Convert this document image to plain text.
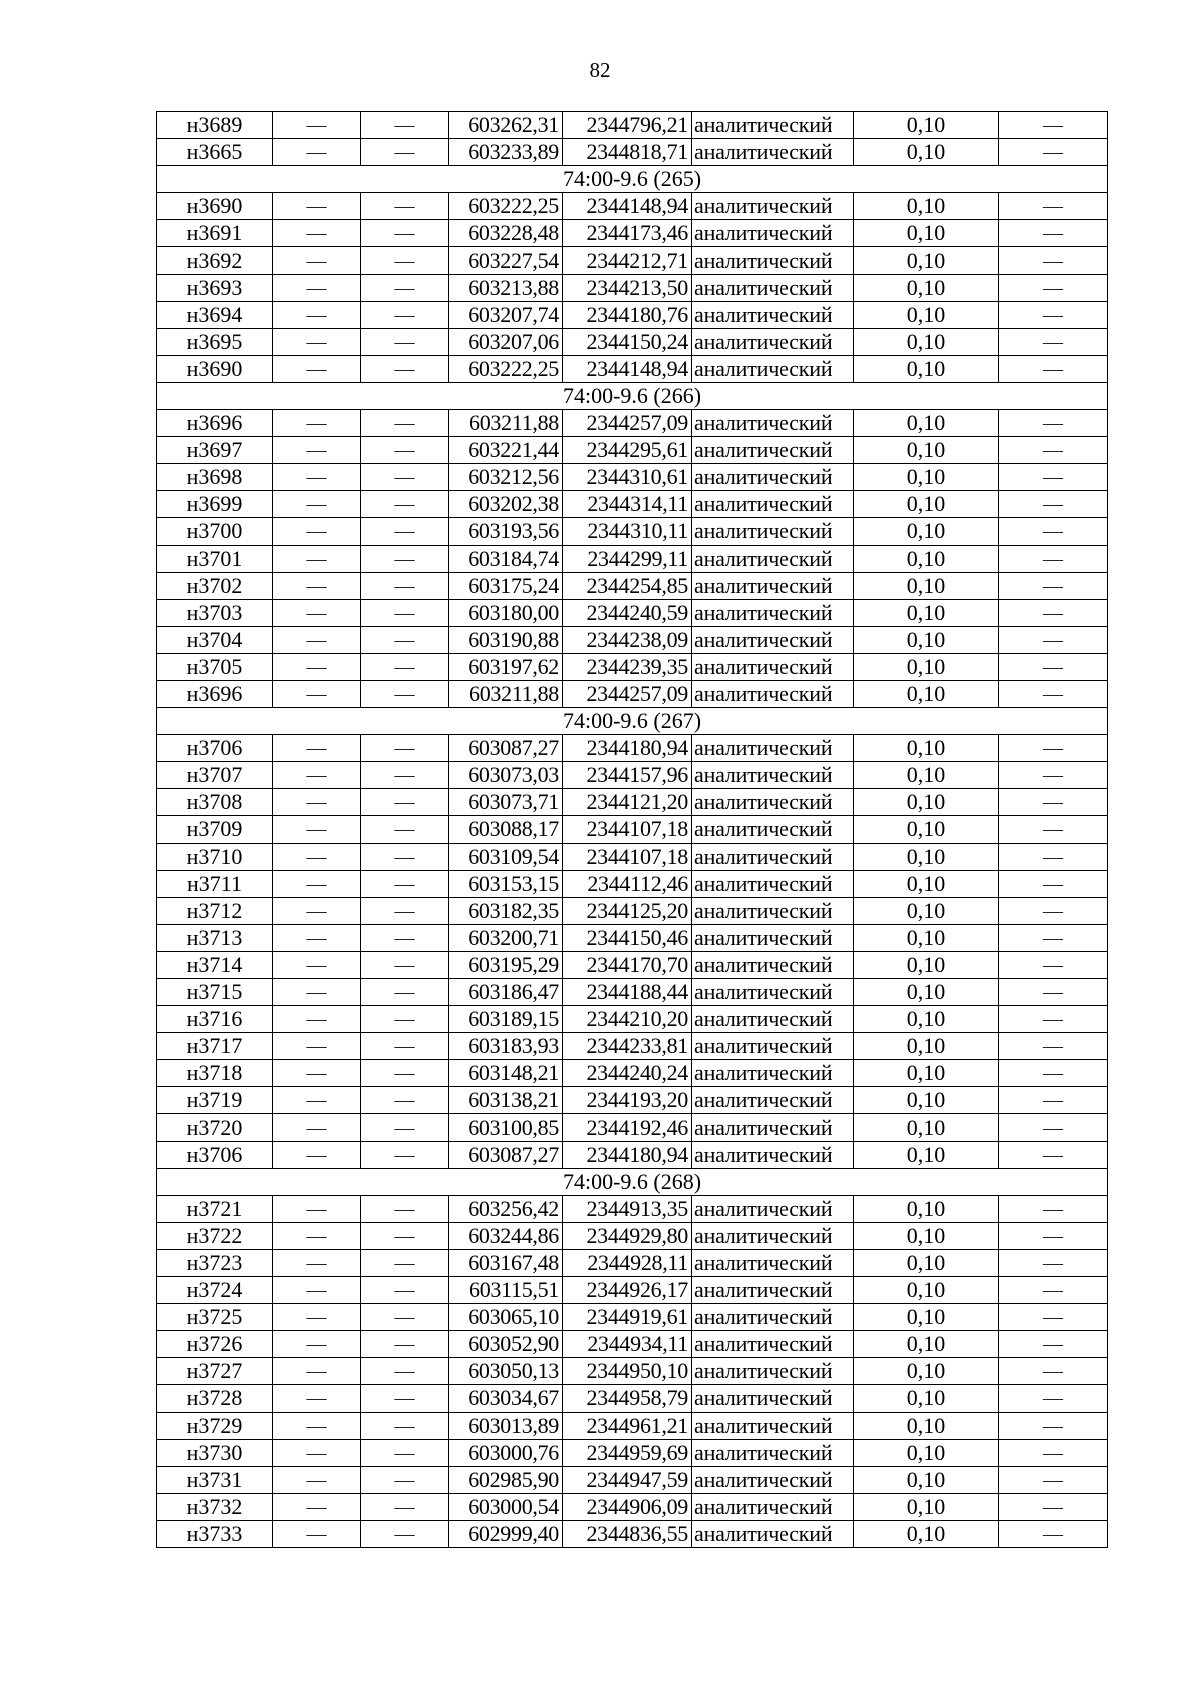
82
н3689	—	—	603262,31	2344796,21	аналитический	0,10	—
н3665	—	—	603233,89	2344818,71	аналитический	0,10	—
74:00-9.6 (265)							
н3690	—	—	603222,25	2344148,94	аналитический	0,10	—
н3691	—	—	603228,48	2344173,46	аналитический	0,10	—
н3692	—	—	603227,54	2344212,71	аналитический	0,10	—
н3693	—	—	603213,88	2344213,50	аналитический	0,10	—
н3694	—	—	603207,74	2344180,76	аналитический	0,10	—
н3695	—	—	603207,06	2344150,24	аналитический	0,10	—
н3690	—	—	603222,25	2344148,94	аналитический	0,10	—
74:00-9.6 (266)							
н3696	—	—	603211,88	2344257,09	аналитический	0,10	—
н3697	—	—	603221,44	2344295,61	аналитический	0,10	—
н3698	—	—	603212,56	2344310,61	аналитический	0,10	—
н3699	—	—	603202,38	2344314,11	аналитический	0,10	—
н3700	—	—	603193,56	2344310,11	аналитический	0,10	—
н3701	—	—	603184,74	2344299,11	аналитический	0,10	—
н3702	—	—	603175,24	2344254,85	аналитический	0,10	—
н3703	—	—	603180,00	2344240,59	аналитический	0,10	—
н3704	—	—	603190,88	2344238,09	аналитический	0,10	—
н3705	—	—	603197,62	2344239,35	аналитический	0,10	—
н3696	—	—	603211,88	2344257,09	аналитический	0,10	—
74:00-9.6 (267)							
н3706	—	—	603087,27	2344180,94	аналитический	0,10	—
н3707	—	—	603073,03	2344157,96	аналитический	0,10	—
н3708	—	—	603073,71	2344121,20	аналитический	0,10	—
н3709	—	—	603088,17	2344107,18	аналитический	0,10	—
н3710	—	—	603109,54	2344107,18	аналитический	0,10	—
н3711	—	—	603153,15	2344112,46	аналитический	0,10	—
н3712	—	—	603182,35	2344125,20	аналитический	0,10	—
н3713	—	—	603200,71	2344150,46	аналитический	0,10	—
н3714	—	—	603195,29	2344170,70	аналитический	0,10	—
н3715	—	—	603186,47	2344188,44	аналитический	0,10	—
н3716	—	—	603189,15	2344210,20	аналитический	0,10	—
н3717	—	—	603183,93	2344233,81	аналитический	0,10	—
н3718	—	—	603148,21	2344240,24	аналитический	0,10	—
н3719	—	—	603138,21	2344193,20	аналитический	0,10	—
н3720	—	—	603100,85	2344192,46	аналитический	0,10	—
н3706	—	—	603087,27	2344180,94	аналитический	0,10	—
74:00-9.6 (268)							
н3721	—	—	603256,42	2344913,35	аналитический	0,10	—
н3722	—	—	603244,86	2344929,80	аналитический	0,10	—
н3723	—	—	603167,48	2344928,11	аналитический	0,10	—
н3724	—	—	603115,51	2344926,17	аналитический	0,10	—
н3725	—	—	603065,10	2344919,61	аналитический	0,10	—
н3726	—	—	603052,90	2344934,11	аналитический	0,10	—
н3727	—	—	603050,13	2344950,10	аналитический	0,10	—
н3728	—	—	603034,67	2344958,79	аналитический	0,10	—
н3729	—	—	603013,89	2344961,21	аналитический	0,10	—
н3730	—	—	603000,76	2344959,69	аналитический	0,10	—
н3731	—	—	602985,90	2344947,59	аналитический	0,10	—
н3732	—	—	603000,54	2344906,09	аналитический	0,10	—
н3733	—	—	602999,40	2344836,55	аналитический	0,10	—
